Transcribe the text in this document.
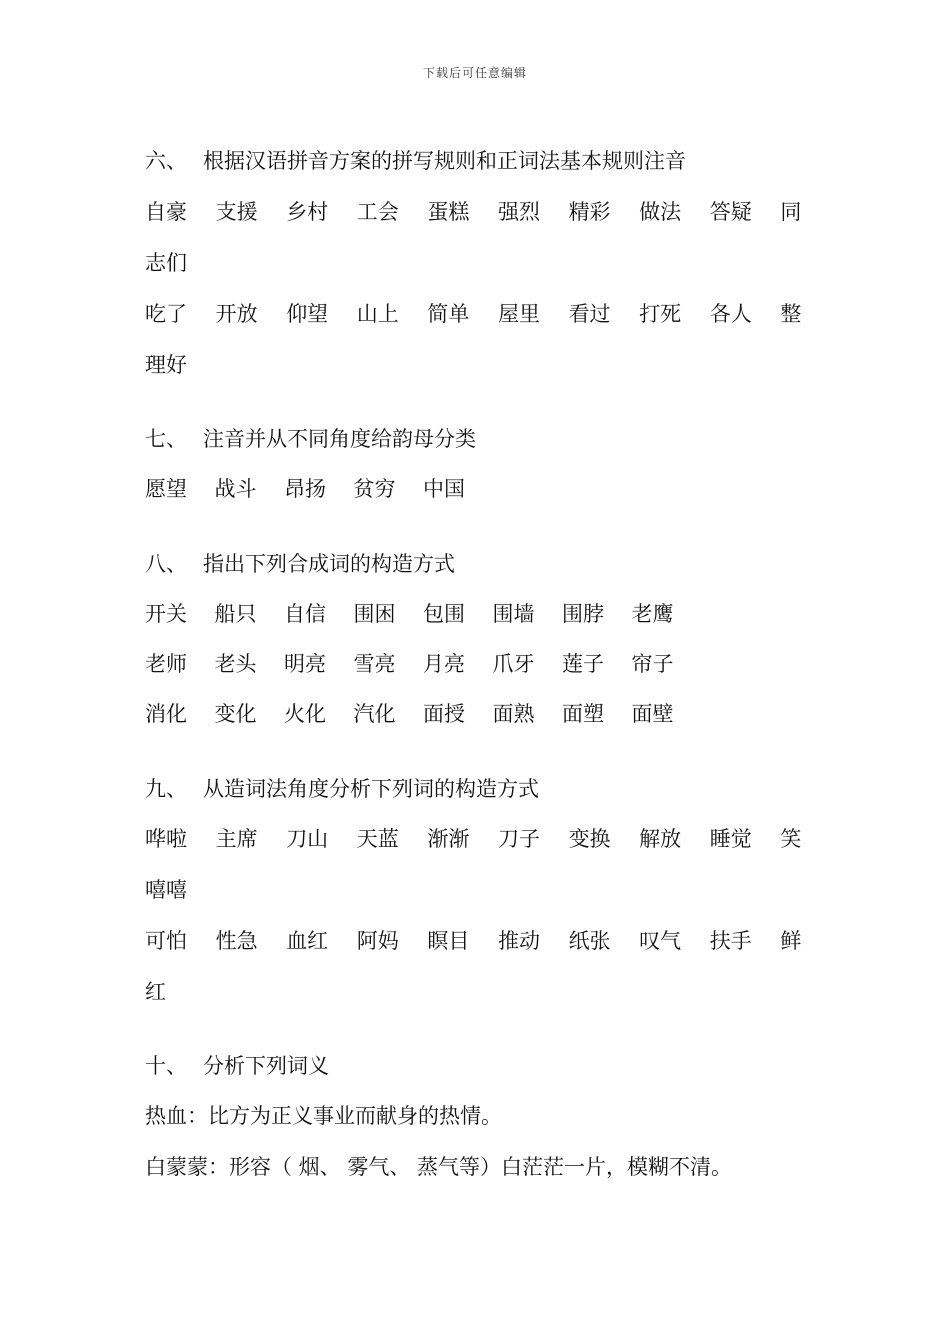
下载后可任意编辑
六、 根据汉语拼音方案的拼写规则和正词法基本规则注音
自豪	支援	乡村	工会	蛋糕	强烈	精彩	做法	答疑	同
志们
吃了	开放	仰望	山上	简单	屋里	看过	打死	各人	整
理好
七、 注音并从不同角度给韵母分类
愿望	战斗	昂扬	贫穷	中国
八、 指出下列合成词的构造方式
开关	船只	自信	围困	包围	围墙	围脖	老鹰
老师	老头	明亮	雪亮	月亮	爪牙	莲子	帘子
消化	变化	火化	汽化	面授	面熟	面塑	面壁
九、 从造词法角度分析下列词的构造方式
哗啦	主席	刀山	天蓝	渐渐	刀子	变换	解放	睡觉	笑
嘻嘻
可怕	性急	血红	阿妈	瞑目	推动	纸张	叹气	扶手	鲜
红
十、 分析下列词义
热血：比方为正义事业而献身的热情。
白蒙蒙：形容（ 烟、 雾气、 蒸气等）白茫茫一片，模糊不清。
